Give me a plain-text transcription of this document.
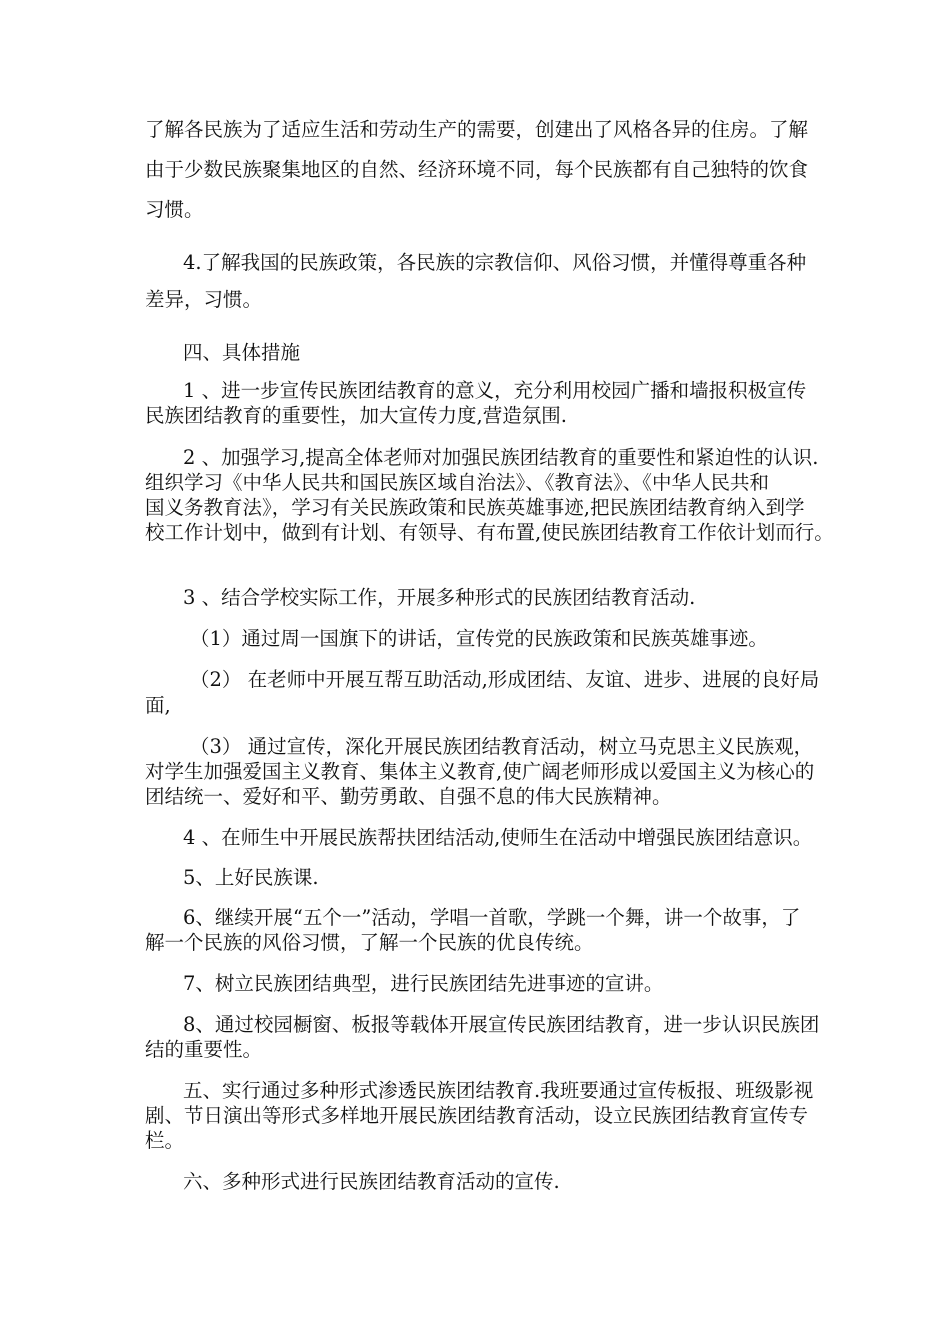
了解各民族为了适应生活和劳动生产的需要，创建出了风格各异的住房。了解

由于少数民族聚集地区的自然、经济环境不同，每个民族都有自己独特的饮食

习惯。

4.了解我国的民族政策，各民族的宗教信仰、风俗习惯，并懂得尊重各种

差异，习惯。

四、具体措施

1 、进一步宣传民族团结教育的意义，充分利用校园广播和墙报积极宣传

民族团结教育的重要性，加大宣传力度,营造氛围.

2 、加强学习,提高全体老师对加强民族团结教育的重要性和紧迫性的认识.

组织学习《中华人民共和国民族区域自治法》、《教育法》、《中华人民共和

国义务教育法》，学习有关民族政策和民族英雄事迹,把民族团结教育纳入到学

校工作计划中，做到有计划、有领导、有布置,使民族团结教育工作依计划而行。

3 、结合学校实际工作，开展多种形式的民族团结教育活动.

（1）通过周一国旗下的讲话，宣传党的民族政策和民族英雄事迹。

（2） 在老师中开展互帮互助活动,形成团结、友谊、进步、进展的良好局

面,

（3） 通过宣传，深化开展民族团结教育活动，树立马克思主义民族观，

对学生加强爱国主义教育、集体主义教育,使广阔老师形成以爱国主义为核心的

团结统一、爱好和平、勤劳勇敢、自强不息的伟大民族精神。

4 、在师生中开展民族帮扶团结活动,使师生在活动中增强民族团结意识。

5、上好民族课.

6、继续开展“五个一”活动，学唱一首歌，学跳一个舞，讲一个故事，了

解一个民族的风俗习惯，了解一个民族的优良传统。

7、树立民族团结典型，进行民族团结先进事迹的宣讲。

8、通过校园橱窗、板报等载体开展宣传民族团结教育，进一步认识民族团

结的重要性。

五、实行通过多种形式渗透民族团结教育.我班要通过宣传板报、班级影视

剧、节日演出等形式多样地开展民族团结教育活动，设立民族团结教育宣传专

栏。

六、多种形式进行民族团结教育活动的宣传.
